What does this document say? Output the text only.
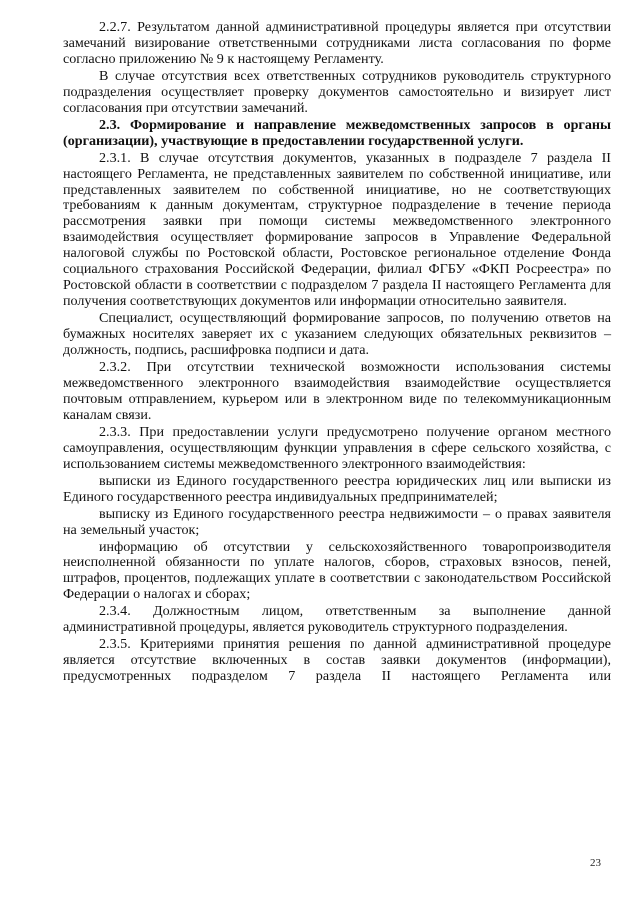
2.2.7. Результатом данной административной процедуры является при отсутствии замечаний визирование ответственными сотрудниками листа согласования по форме согласно приложению № 9 к настоящему Регламенту.

В случае отсутствия всех ответственных сотрудников руководитель структурного подразделения осуществляет проверку документов самостоятельно и визирует лист согласования при отсутствии замечаний.

2.3. Формирование и направление межведомственных запросов в органы (организации), участвующие в предоставлении государственной услуги.

2.3.1. В случае отсутствия документов, указанных в подразделе 7 раздела II настоящего Регламента, не представленных заявителем по собственной инициативе, или представленных заявителем по собственной инициативе, но не соответствующих требованиям к данным документам, структурное подразделение в течение периода рассмотрения заявки при помощи системы межведомственного электронного взаимодействия осуществляет формирование запросов в Управление Федеральной налоговой службы по Ростовской области, Ростовское региональное отделение Фонда социального страхования Российской Федерации, филиал ФГБУ «ФКП Росреестра» по Ростовской области в соответствии с подразделом 7 раздела II настоящего Регламента для получения соответствующих документов или информации относительно заявителя.

Специалист, осуществляющий формирование запросов, по получению ответов на бумажных носителях заверяет их с указанием следующих обязательных реквизитов – должность, подпись, расшифровка подписи и дата.

2.3.2. При отсутствии технической возможности использования системы межведомственного электронного взаимодействия взаимодействие осуществляется почтовым отправлением, курьером или в электронном виде по телекоммуникационным каналам связи.

2.3.3. При предоставлении услуги предусмотрено получение органом местного самоуправления, осуществляющим функции управления в сфере сельского хозяйства, с использованием системы межведомственного электронного взаимодействия:

выписки из Единого государственного реестра юридических лиц или выписки из Единого государственного реестра индивидуальных предпринимателей;

выписку из Единого государственного реестра недвижимости – о правах заявителя на земельный участок;

информацию об отсутствии у сельскохозяйственного товаропроизводителя неисполненной обязанности по уплате налогов, сборов, страховых взносов, пеней, штрафов, процентов, подлежащих уплате в соответствии с законодательством Российской Федерации о налогах и сборах;

2.3.4. Должностным лицом, ответственным за выполнение данной административной процедуры, является руководитель структурного подразделения.

2.3.5. Критериями принятия решения по данной административной процедуре является отсутствие включенных в состав заявки документов (информации), предусмотренных подразделом 7 раздела II настоящего Регламента или

23
